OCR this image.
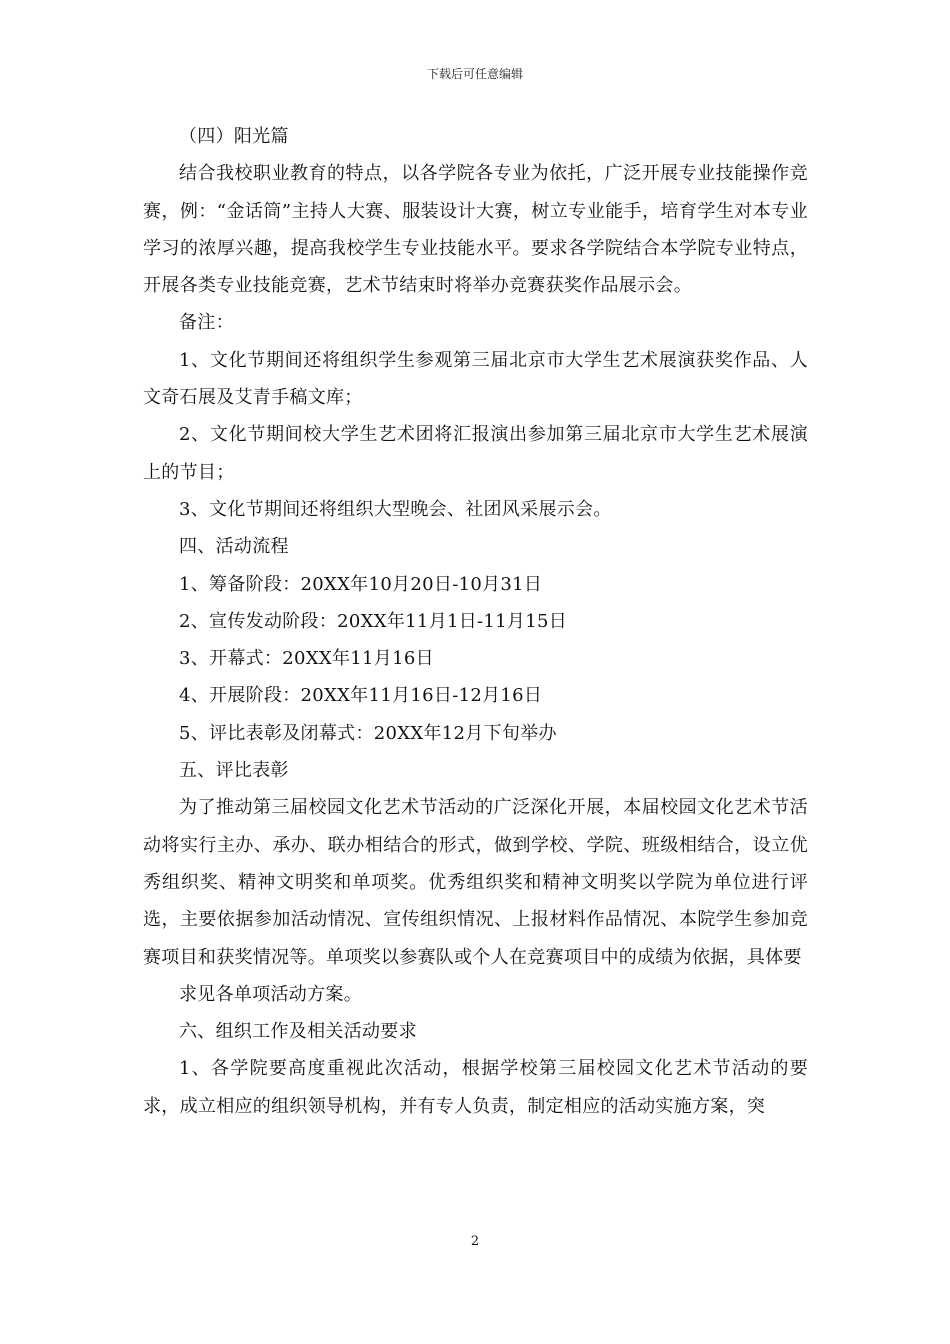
下载后可任意编辑

（四）阳光篇

结合我校职业教育的特点，以各学院各专业为依托，广泛开展专业技能操作竞赛，例：“金话筒”主持人大赛、服装设计大赛，树立专业能手，培育学生对本专业学习的浓厚兴趣，提高我校学生专业技能水平。要求各学院结合本学院专业特点，开展各类专业技能竞赛，艺术节结束时将举办竞赛获奖作品展示会。

备注：

1、文化节期间还将组织学生参观第三届北京市大学生艺术展演获奖作品、人文奇石展及艾青手稿文库；

2、文化节期间校大学生艺术团将汇报演出参加第三届北京市大学生艺术展演上的节目；

3、文化节期间还将组织大型晚会、社团风采展示会。

四、活动流程

1、筹备阶段：20XX年10月20日-10月31日

2、宣传发动阶段：20XX年11月1日-11月15日

3、开幕式：20XX年11月16日

4、开展阶段：20XX年11月16日-12月16日

5、评比表彰及闭幕式：20XX年12月下旬举办

五、评比表彰

为了推动第三届校园文化艺术节活动的广泛深化开展，本届校园文化艺术节活动将实行主办、承办、联办相结合的形式，做到学校、学院、班级相结合，设立优秀组织奖、精神文明奖和单项奖。优秀组织奖和精神文明奖以学院为单位进行评选，主要依据参加活动情况、宣传组织情况、上报材料作品情况、本院学生参加竞赛项目和获奖情况等。单项奖以参赛队或个人在竞赛项目中的成绩为依据，具体要

求见各单项活动方案。

六、组织工作及相关活动要求

1、各学院要高度重视此次活动，根据学校第三届校园文化艺术节活动的要求，成立相应的组织领导机构，并有专人负责，制定相应的活动实施方案，突

2
